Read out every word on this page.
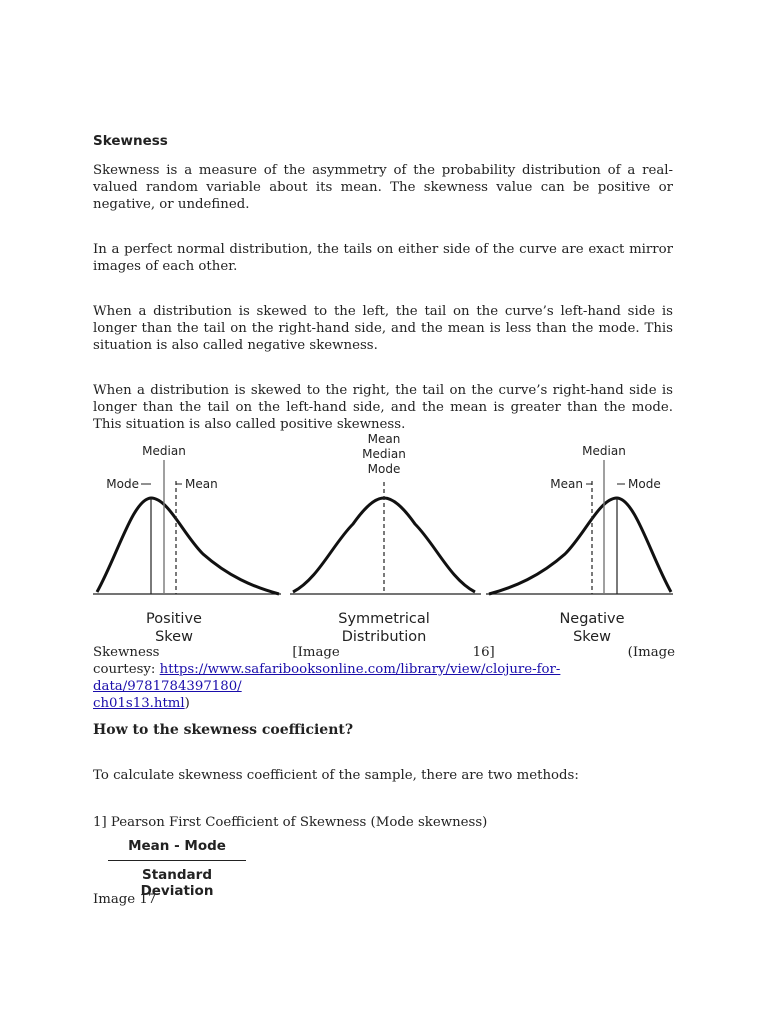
Skewness
Skewness is a measure of the asymmetry of the probability distribution of a real-valued random variable about its mean. The skewness value can be positive or negative, or undefined.
In a perfect normal distribution, the tails on either side of the curve are exact mirror images of each other.
When a distribution is skewed to the left, the tail on the curve’s left-hand side is longer than the tail on the right-hand side, and the mean is less than the mode. This situation is also called negative skewness.
When a distribution is skewed to the right, the tail on the curve’s right-hand side is longer than the tail on the left-hand side, and the mean is greater than the mode. This situation is also called positive skewness.
Median
Mode	Mean
Positive
Skew
Mean
Median
Mode
Symmetrical
Distribution
Median
Mean	Mode
Negative
Skew
Skewness	[Image	16]	(Image
courtesy: https://www.safaribooksonline.com/library/view/clojure-for-data/9781784397180/
ch01s13.html)
How to the skewness coefficient?
To calculate skewness coefficient of the sample, there are two methods:
1] Pearson First Coefficient of Skewness (Mode skewness)
Mean - Mode
Standard Deviation
Image 17
